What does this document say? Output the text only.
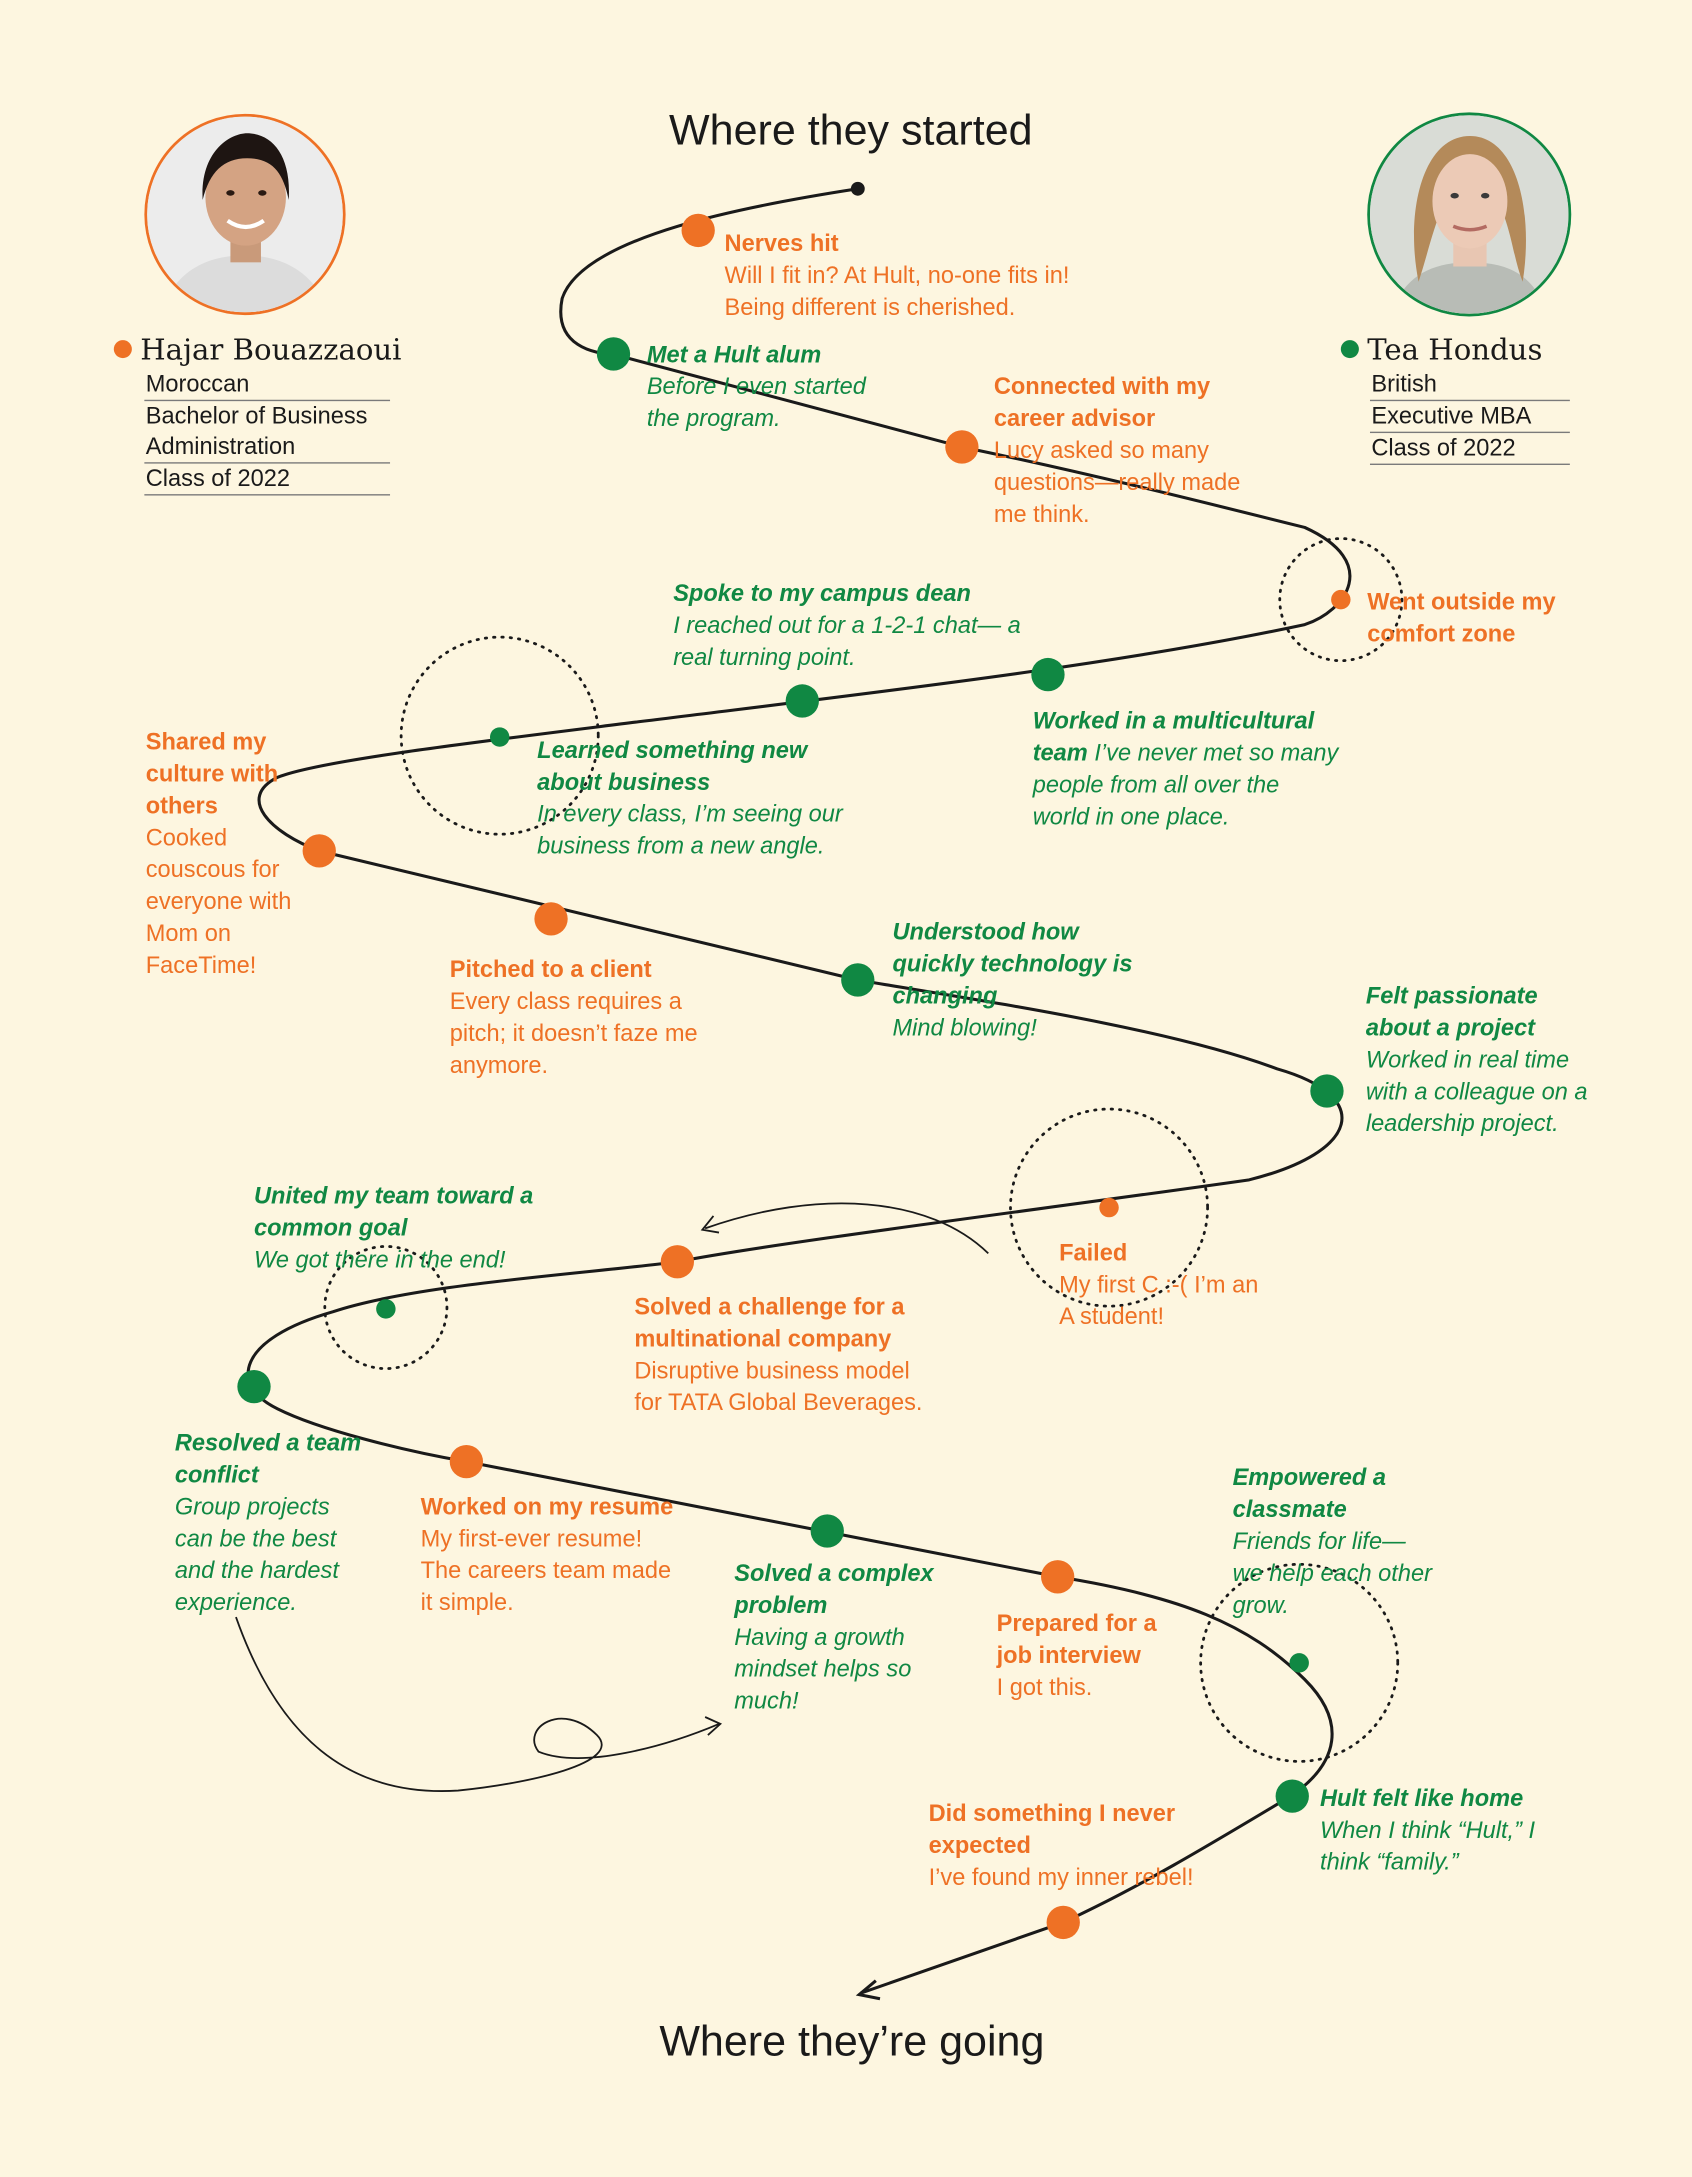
Where they started
Where they’re going
Hajar Bouazzaoui
Moroccan
Bachelor of Business
Administration
Class of 2022
Tea Hondus
British
Executive MBA
Class of 2022
Nerves hit
Will I fit in? At Hult, no-one fits in! Being different is cherished.
Met a Hult alum
Before I even started the program.
Connected with my career advisor
Lucy asked so many questions—really made me think.
Went outside my comfort zone
Spoke to my campus dean
I reached out for a 1-2-1 chat— a real turning point.
Worked in a multicultural team I’ve never met so many people from all over the world in one place.
Learned something new about business
In every class, I’m seeing our business from a new angle.
Shared my culture with others
Cooked couscous for everyone with Mom on FaceTime!	Pitched to a client
Every class requires a pitch; it doesn’t faze me anymore.
Understood how quickly technology is changing
Mind blowing!
Felt passionate about a project
Worked in real time with a colleague on a leadership project.
United my team toward a common goal
We got there in the end!
Solved a challenge for a multinational company
Disruptive business model for TATA Global Beverages.
Failed
My first C :-( I’m an A student!
Resolved a team conflict
Group projects can be the best and the hardest experience.
Worked on my resume
My first-ever resume! The careers team made it simple.
Solved a complex problem
Having a growth mindset helps so much!
Prepared for a job interview
I got this.
Empowered a classmate
Friends for life— we help each other grow.
Hult felt like home
When I think “Hult,” I think “family.”
Did something I never expected
I’ve found my inner rebel!
